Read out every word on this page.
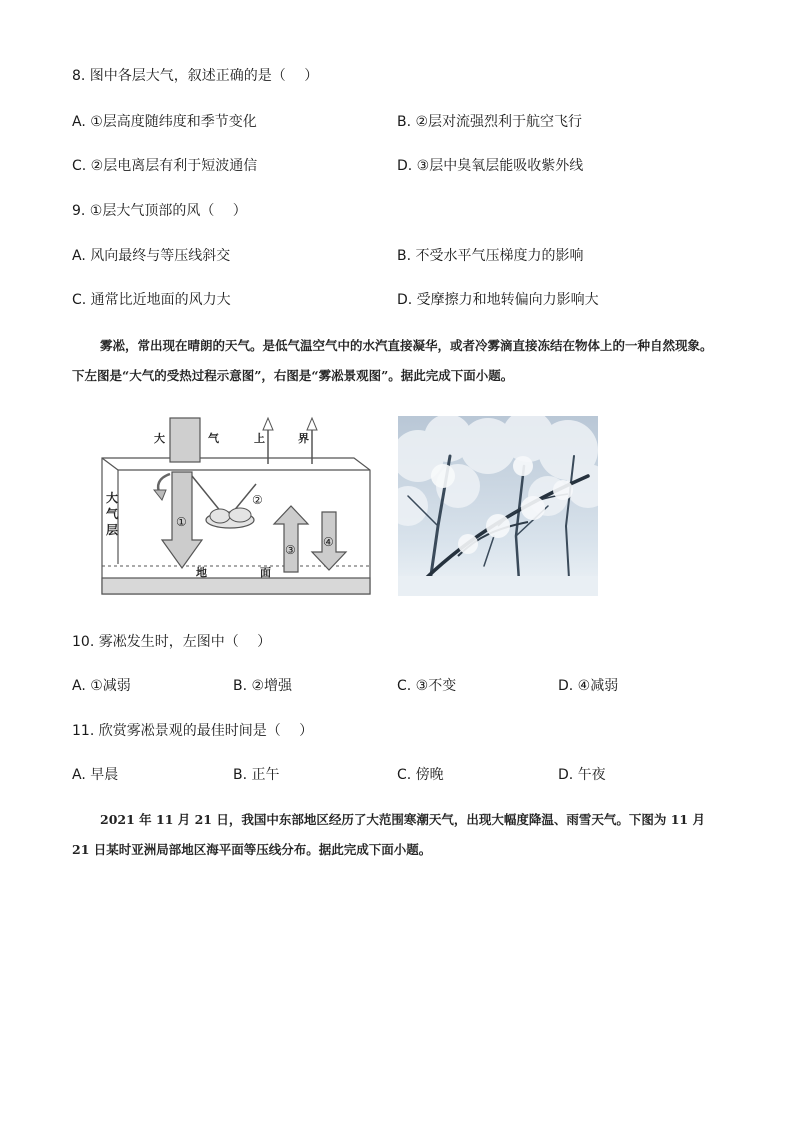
8. 图中各层大气，叙述正确的是（　 ）
A. ①层高度随纬度和季节变化	B. ②层对流强烈利于航空飞行
C. ②层电离层有利于短波通信	D. ③层中臭氧层能吸收紫外线
9. ①层大气顶部的风（　 ）
A. 风向最终与等压线斜交	B. 不受水平气压梯度力的影响
C. 通常比近地面的风力大	D. 受摩擦力和地转偏向力影响大
雾凇，常出现在晴朗的天气。是低气温空气中的水汽直接凝华，或者冷雾滴直接冻结在物体上的一种自然现象。下左图是“大气的受热过程示意图”，右图是“雾凇景观图”。据此完成下面小题。
大	气	上	界
大
气
层
地	面
①
②
③
④
10. 雾凇发生时，左图中（　 ）
A. ①减弱	B. ②增强	C. ③不变	D. ④减弱
11. 欣赏雾凇景观的最佳时间是（　 ）
A. 早晨	B. 正午	C. 傍晚	D. 午夜
2021 年 11 月 21 日，我国中东部地区经历了大范围寒潮天气，出现大幅度降温、雨雪天气。下图为 11 月 21 日某时亚洲局部地区海平面等压线分布。据此完成下面小题。
